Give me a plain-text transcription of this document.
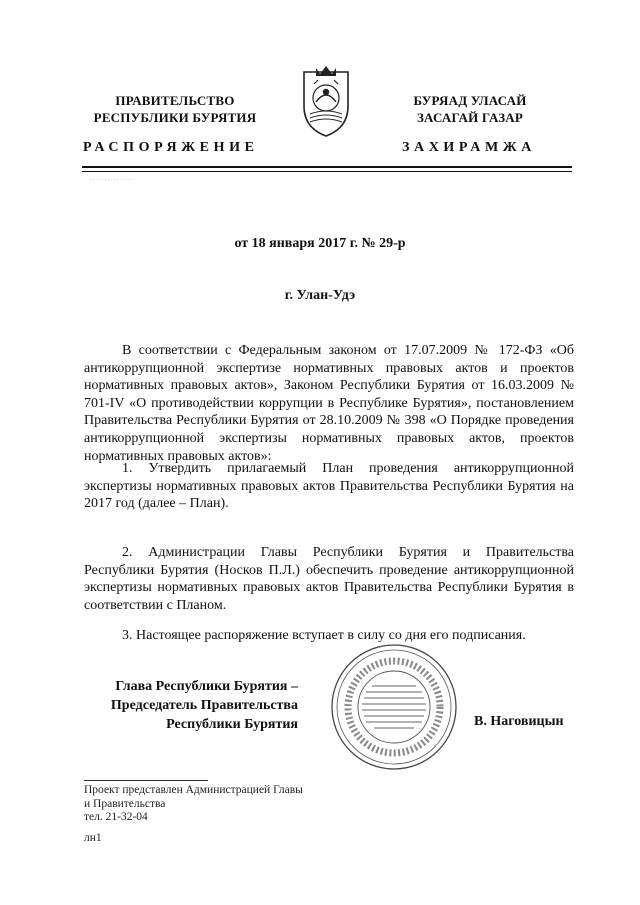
ПРАВИТЕЛЬСТВО
РЕСПУБЛИКИ БУРЯТИЯ
БУРЯАД УЛАСАЙ
ЗАСАГАЙ ГАЗАР
РАСПОРЯЖЕНИЕ	ЗАХИРАМЖА
. . . . . . . . . . . . . . .
от 18 января 2017 г. № 29-р
г. Улан-Удэ

В соответствии с Федеральным законом от 17.07.2009 № 172-ФЗ «Об антикоррупционной экспертизе нормативных правовых актов и проектов нормативных правовых актов», Законом Республики Бурятия от 16.03.2009 № 701-IV «О противодействии коррупции в Республике Бурятия», постановлением Правительства Республики Бурятия от 28.10.2009 № 398 «О Порядке проведения антикоррупционной экспертизы нормативных правовых актов, проектов нормативных правовых актов»:

1. Утвердить прилагаемый План проведения антикоррупционной экспертизы нормативных правовых актов Правительства Республики Бурятия на 2017 год (далее – План).

2. Администрации Главы Республики Бурятия и Правительства Республики Бурятия (Носков П.Л.) обеспечить проведение антикоррупционной экспертизы нормативных правовых актов Правительства Республики Бурятия в соответствии с Планом.

3. Настоящее распоряжение вступает в силу со дня его подписания.

Глава Республики Бурятия –
Председатель Правительства
Республики Бурятия	В. Наговицын
Проект представлен Администрацией Главы
и Правительства
тел. 21-32-04
лн1
